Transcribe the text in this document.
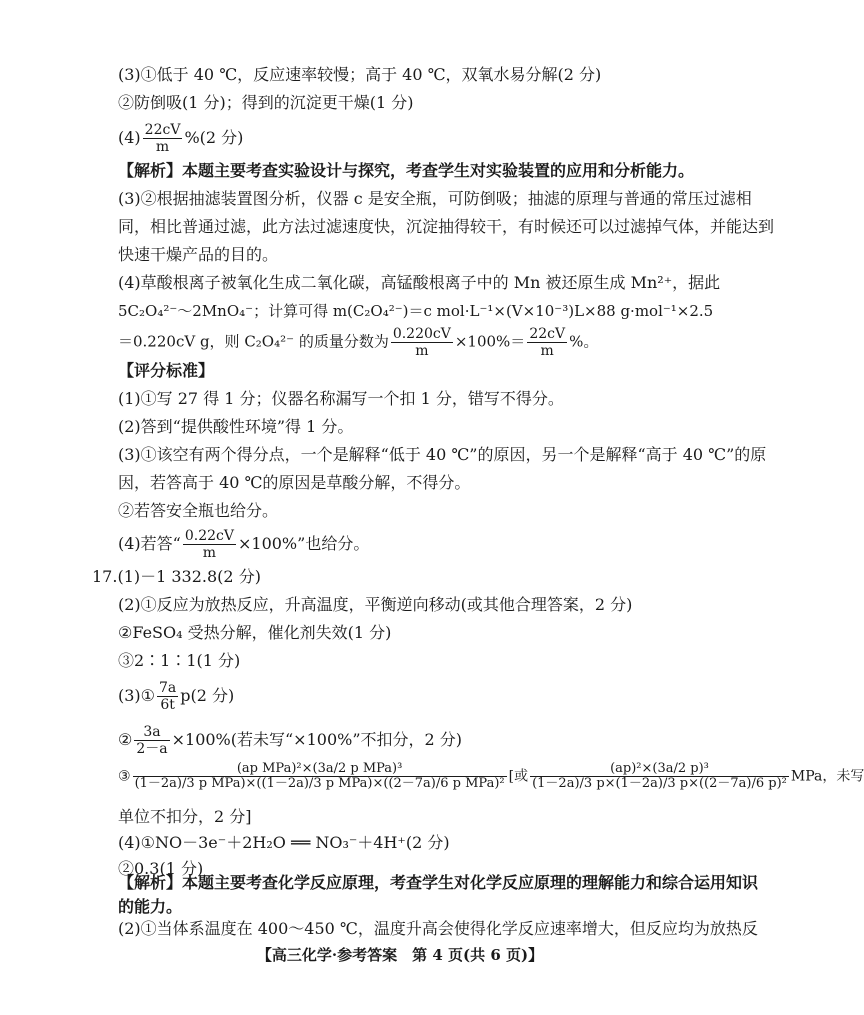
(3)①低于 40 ℃，反应速率较慢；高于 40 ℃，双氧水易分解(2 分)
②防倒吸(1 分)；得到的沉淀更干燥(1 分)
$(4) \frac{22cV}{m} \%(2$ 分)
【解析】本题主要考查实验设计与探究，考查学生对实验装置的应用和分析能力。
(3)②根据抽滤装置图分析，仪器 c 是安全瓶，可防倒吸；抽滤的原理与普通的常压过滤相
同，相比普通过滤，此方法过滤速度快，沉淀抽得较干，有时候还可以过滤掉气体，并能达到
快速干燥产品的目的。
(4)草酸根离子被氧化生成二氧化碳，高锰酸根离子中的 Mn 被还原生成 Mn²⁺，据此
5C₂O₄²⁻～2MnO₄⁻；计算可得 m(C₂O₄²⁻)＝c mol·L⁻¹×(V×10⁻³)L×88 g·mol⁻¹×2.5
＝0.220cV g，则 C₂O₄²⁻ 的质量分数为 $\frac{0.220cV}{m} \times 100\%= \frac{22cV}{m}$ %。
【评分标准】
(1)①写 27 得 1 分；仪器名称漏写一个扣 1 分，错写不得分。
(2)答到“提供酸性环境”得 1 分。
(3)①该空有两个得分点，一个是解释“低于 40 ℃”的原因，另一个是解释“高于 40 ℃”的原
因，若答高于 40 ℃的原因是草酸分解，不得分。
②若答安全瓶也给分。
(4)若答“ $\frac{0.22cV}{m} \times 100\%$”也给分。
17.(1)－1 332.8(2 分)
(2)①反应为放热反应，升高温度，平衡逆向移动(或其他合理答案，2 分)
②FeSO₄ 受热分解，催化剂失效(1 分)
③2∶1∶1(1 分)
(3)① $\frac{7a}{6t} p(2$ 分)
② $\frac{3a}{2-a} \times 100\%$(若未写“×100%”不扣分，2 分)
③ $\frac{\text{(ap MPa)²×(3a/2 p MPa)³}}{\text{(1－2a)/3 p MPa)×((1－2a)/3 p MPa)×((2－7a)/6 p MPa)²}}$ [或 $\frac{\text{(ap)²×(3a/2 p)³}}{\text{(1－2a)/3 p×(1－2a)/3 p×((2－7a)/6 p)²}}$ MPa，未写
单位不扣分，2 分]
(4)①NO－3e⁻＋2H₂O ══ NO₃⁻＋4H⁺(2 分)
②0.3(1 分)
【解析】本题主要考查化学反应原理，考查学生对化学反应原理的理解能力和综合运用知识
的能力。
(2)①当体系温度在 400～450 ℃，温度升高会使得化学反应速率增大，但反应均为放热反
【高三化学·参考答案　第 4 页(共 6 页)】
